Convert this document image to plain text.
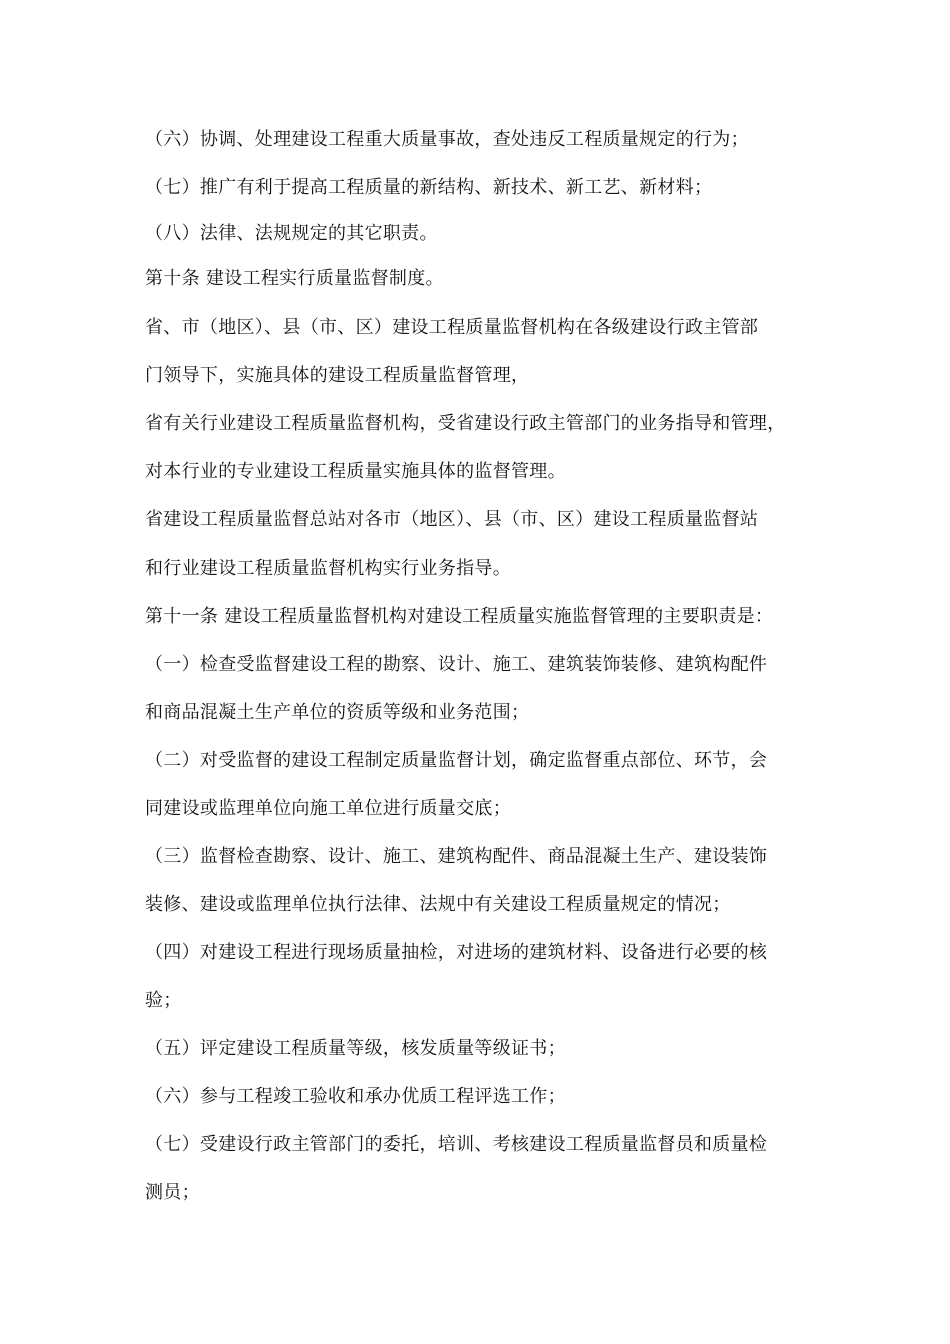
（六）协调、处理建设工程重大质量事故，查处违反工程质量规定的行为；
（七）推广有利于提高工程质量的新结构、新技术、新工艺、新材料；
（八）法律、法规规定的其它职责。
第十条 建设工程实行质量监督制度。
省、市（地区）、县（市、区）建设工程质量监督机构在各级建设行政主管部
门领导下，实施具体的建设工程质量监督管理，
省有关行业建设工程质量监督机构，受省建设行政主管部门的业务指导和管理，
对本行业的专业建设工程质量实施具体的监督管理。
省建设工程质量监督总站对各市（地区）、县（市、区）建设工程质量监督站
和行业建设工程质量监督机构实行业务指导。
第十一条 建设工程质量监督机构对建设工程质量实施监督管理的主要职责是：
（一）检查受监督建设工程的勘察、设计、施工、建筑装饰装修、建筑构配件
和商品混凝土生产单位的资质等级和业务范围；
（二）对受监督的建设工程制定质量监督计划，确定监督重点部位、环节，会
同建设或监理单位向施工单位进行质量交底；
（三）监督检查勘察、设计、施工、建筑构配件、商品混凝土生产、建设装饰
装修、建设或监理单位执行法律、法规中有关建设工程质量规定的情况；
（四）对建设工程进行现场质量抽检，对进场的建筑材料、设备进行必要的核
验；
（五）评定建设工程质量等级，核发质量等级证书；
（六）参与工程竣工验收和承办优质工程评选工作；
（七）受建设行政主管部门的委托，培训、考核建设工程质量监督员和质量检
测员；
